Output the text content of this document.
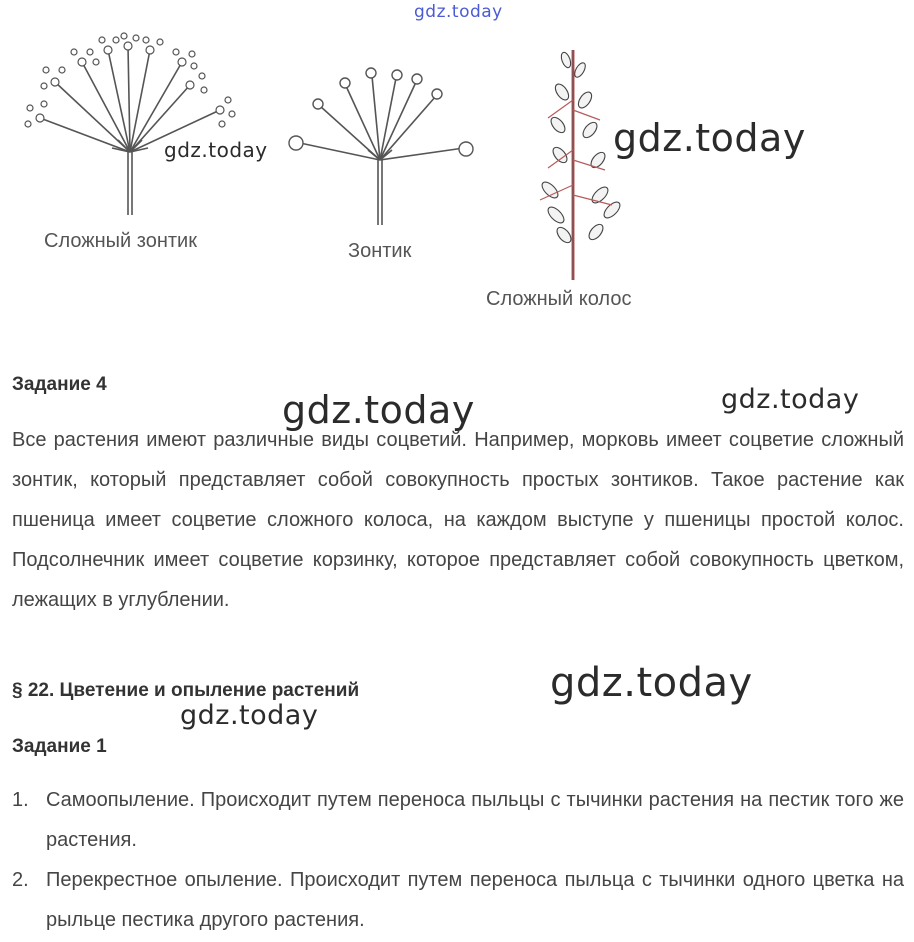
gdz.today
gdz.today	gdz.today
gdz.today	gdz.today
gdz.today
gdz.today
Сложный зонтик	Зонтик
Сложный колос
Задание 4
Все растения имеют различные виды соцветий. Например, морковь имеет соцветие сложный зонтик, который представляет собой совокупность простых зонтиков. Такое растение как пшеница имеет соцветие сложного колоса, на каждом выступе у пшеницы простой колос. Подсолнечник имеет соцветие корзинку, которое представляет собой совокупность цветком, лежащих в углублении.
§ 22. Цветение и опыление растений
Задание 1
1. Самоопыление. Происходит путем переноса пыльцы с тычинки растения на пестик того же растения.
2. Перекрестное опыление. Происходит путем переноса пыльца с тычинки одного цветка на рыльце пестика другого растения.
